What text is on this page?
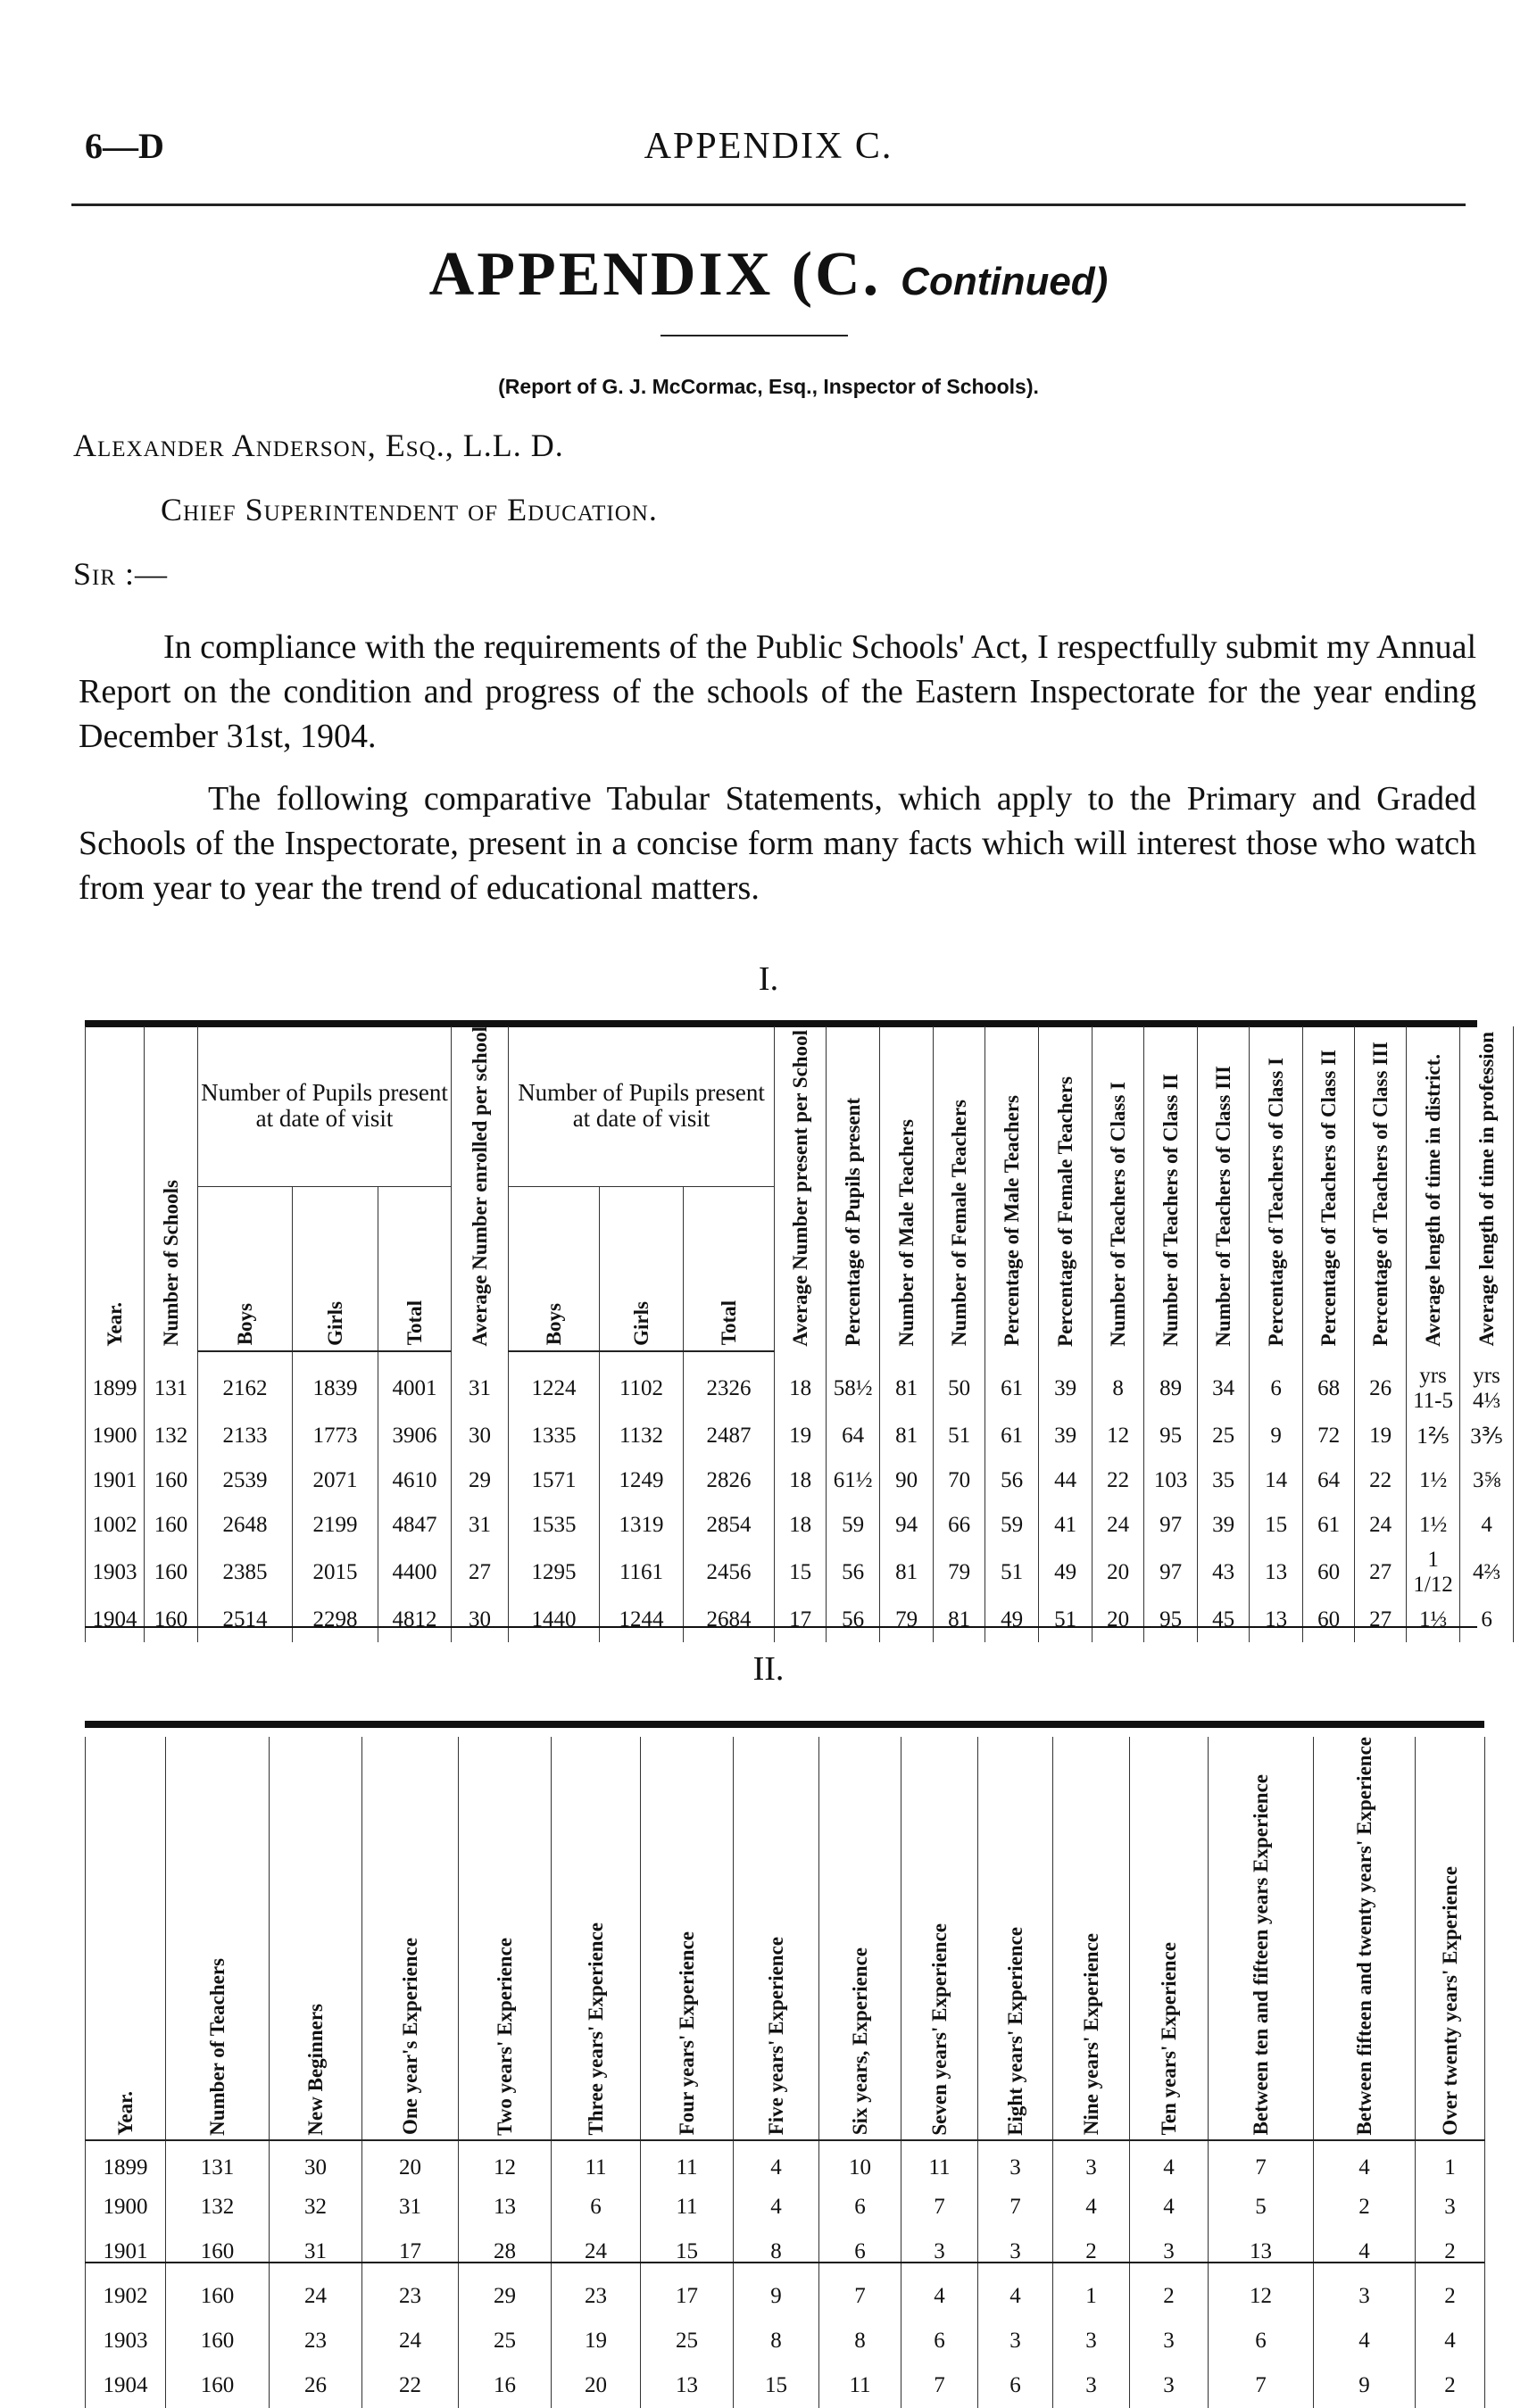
6—D	APPENDIX C.
APPENDIX (C. Continued)
(Report of G. J. McCormac, Esq., Inspector of Schools).
Alexander Anderson, Esq., L.L. D.
Chief Superintendent of Education.
Sir :—

In compliance with the requirements of the Public Schools' Act, I respectfully submit my Annual Report on the condition and progress of the schools of the Eastern Inspectorate for the year ending December 31st, 1904.

The following comparative Tabular Statements, which apply to the Primary and Graded Schools of the Inspectorate, present in a concise form many facts which will interest those who watch from year to year the trend of educational matters.

I.
Year.	Number of Schools	Number of Pupils present at date of visit			Average Number enrolled per school	Number of Pupils present at date of visit			Average Number present per School	Percentage of Pupils present	Number of Male Teachers	Number of Female Teachers	Percentage of Male Teachers	Percentage of Female Teachers	Number of Teachers of Class I	Number of Teachers of Class II	Number of Teachers of Class III	Percentage of Teachers of Class I	Percentage of Teachers of Class II	Percentage of Teachers of Class III	Average length of time in district.	Average length of time in profession
		Boys	Girls	Total		Boys	Girls	Total														
1899	131	2162	1839	4001	31	1224	1102	2326	18	58½	81	50	61	39	8	89	34	6	68	26	yrs 11-5	yrs 4⅓
1900	132	2133	1773	3906	30	1335	1132	2487	19	64	81	51	61	39	12	95	25	9	72	19	1⅖	3⅗
1901	160	2539	2071	4610	29	1571	1249	2826	18	61½	90	70	56	44	22	103	35	14	64	22	1½	3⅝
1002	160	2648	2199	4847	31	1535	1319	2854	18	59	94	66	59	41	24	97	39	15	61	24	1½	4
1903	160	2385	2015	4400	27	1295	1161	2456	15	56	81	79	51	49	20	97	43	13	60	27	1 1/12	4⅔
1904	160	2514	2298	4812	30	1440	1244	2684	17	56	79	81	49	51	20	95	45	13	60	27	1⅓	6
II.
Year.	Number of Teachers	New Beginners	One year's Experience	Two years' Experience	Three years' Experience	Four years' Experience	Five years' Experience	Six years, Experience	Seven years' Experience	Eight years' Experience	Nine years' Experience	Ten years' Experience	Between ten and fifteen years Experience	Between fifteen and twenty years' Experience	Over twenty years' Experience
1899	131	30	20	12	11	11	4	10	11	3	3	4	7	4	1
1900	132	32	31	13	6	11	4	6	7	7	4	4	5	2	3
1901	160	31	17	28	24	15	8	6	3	3	2	3	13	4	2
1902	160	24	23	29	23	17	9	7	4	4	1	2	12	3	2
1903	160	23	24	25	19	25	8	8	6	3	3	3	6	4	4
1904	160	26	22	16	20	13	15	11	7	6	3	3	7	9	2
